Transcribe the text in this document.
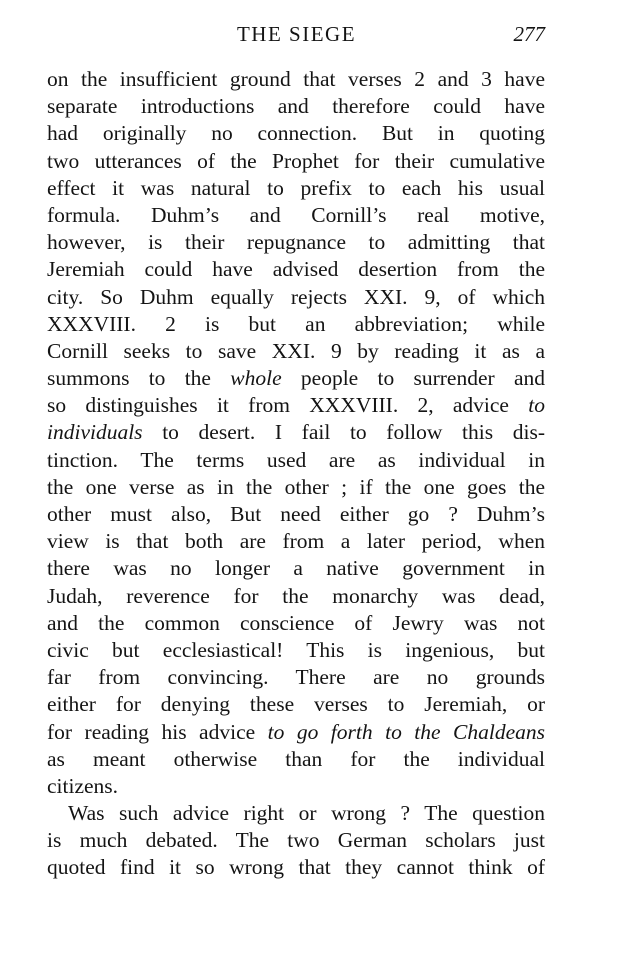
THE SIEGE	277
on the insufficient ground that verses 2 and 3 have
separate introductions and therefore could have
had originally no connection. But in quoting
two utterances of the Prophet for their cumulative
effect it was natural to prefix to each his usual
formula. Duhm’s and Cornill’s real motive,
however, is their repugnance to admitting that
Jeremiah could have advised desertion from the
city. So Duhm equally rejects XXI. 9, of which
XXXVIII. 2 is but an abbreviation; while
Cornill seeks to save XXI. 9 by reading it as a
summons to the whole people to surrender and
so distinguishes it from XXXVIII. 2, advice to
individuals to desert. I fail to follow this dis-
tinction. The terms used are as individual in
the one verse as in the other ; if the one goes the
other must also, But need either go ? Duhm’s
view is that both are from a later period, when
there was no longer a native government in
Judah, reverence for the monarchy was dead,
and the common conscience of Jewry was not
civic but ecclesiastical! This is ingenious, but
far from convincing. There are no grounds
either for denying these verses to Jeremiah, or
for reading his advice to go forth to the Chaldeans
as meant otherwise than for the individual
citizens.
Was such advice right or wrong ? The question
is much debated. The two German scholars just
quoted find it so wrong that they cannot think of
